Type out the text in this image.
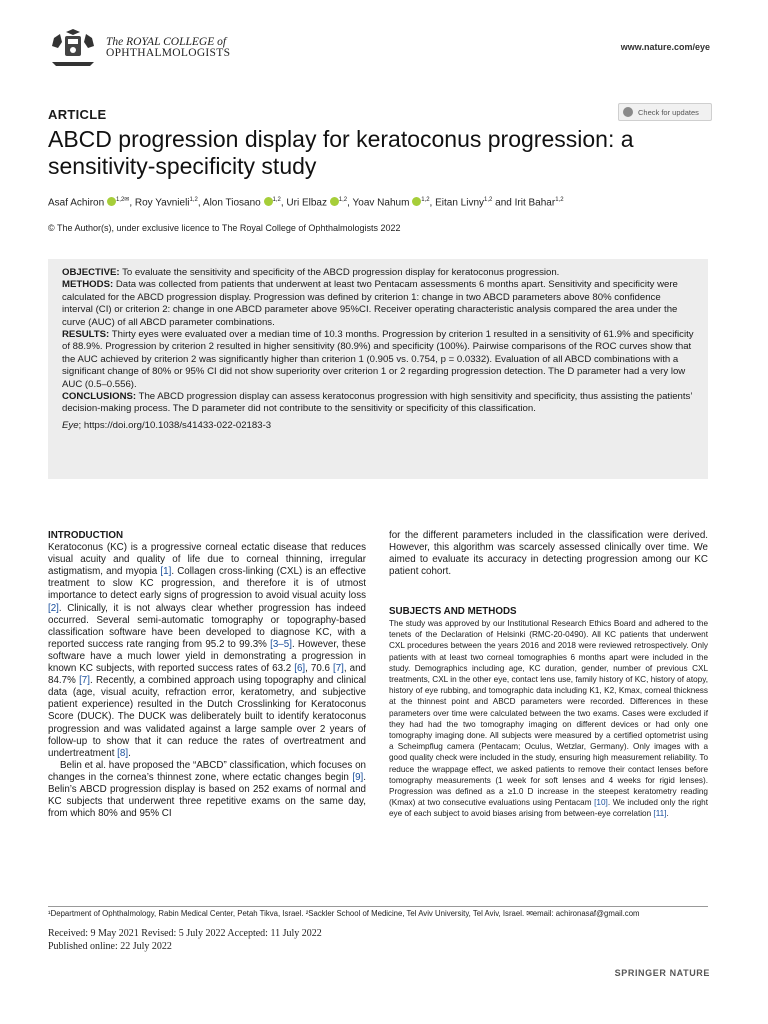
The ROYAL COLLEGE of
OPHTHALMOLOGISTS	www.nature.com/eye
ARTICLE	Check for updates
ABCD progression display for keratoconus progression: a sensitivity-specificity study
Asaf Achiron $^{1,2✉}$, Roy Yavnieli$^{1,2}$, Alon Tiosano $^{1,2}$, Uri Elbaz $^{1,2}$, Yoav Nahum $^{1,2}$, Eitan Livny$^{1,2}$ and Irit Bahar$^{1,2}$
© The Author(s), under exclusive licence to The Royal College of Ophthalmologists 2022

OBJECTIVE: To evaluate the sensitivity and specificity of the ABCD progression display for keratoconus progression.

METHODS: Data was collected from patients that underwent at least two Pentacam assessments 6 months apart. Sensitivity and specificity were calculated for the ABCD progression display. Progression was defined by criterion 1: change in two ABCD parameters above 80% confidence interval (CI) or criterion 2: change in one ABCD parameter above 95%CI. Receiver operating characteristic analysis compared the area under the curve (AUC) of all ABCD parameter combinations.

RESULTS: Thirty eyes were evaluated over a median time of 10.3 months. Progression by criterion 1 resulted in a sensitivity of 61.9% and specificity of 88.9%. Progression by criterion 2 resulted in higher sensitivity (80.9%) and specificity (100%). Pairwise comparisons of the ROC curves show that the AUC achieved by criterion 2 was significantly higher than criterion 1 (0.905 vs. 0.754, p = 0.0332). Evaluation of all ABCD combinations with a significant change of 80% or 95% CI did not show superiority over criterion 1 or 2 regarding progression detection. The D parameter had a very low AUC (0.5–0.556).

CONCLUSIONS: The ABCD progression display can assess keratoconus progression with high sensitivity and specificity, thus assisting the patients’ decision-making process. The D parameter did not contribute to the sensitivity or specificity of this classification.

Eye; https://doi.org/10.1038/s41433-022-02183-3

INTRODUCTION

Keratoconus (KC) is a progressive corneal ectatic disease that reduces visual acuity and quality of life due to corneal thinning, irregular astigmatism, and myopia [1]. Collagen cross-linking (CXL) is an effective treatment to slow KC progression, and therefore it is of utmost importance to detect early signs of progression to avoid visual acuity loss [2]. Clinically, it is not always clear whether progression has indeed occurred. Several semi-automatic tomography or topography-based classification software have been developed to diagnose KC, with a reported success rate ranging from 95.2 to 99.3% [3–5]. However, these software have a much lower yield in demonstrating a progression in known KC subjects, with reported success rates of 63.2 [6], 70.6 [7], and 84.7% [7]. Recently, a combined approach using topography and clinical data (age, visual acuity, refraction error, keratometry, and subjective patient experience) resulted in the Dutch Crosslinking for Keratoconus Score (DUCK). The DUCK was deliberately built to identify keratoconus progression and was validated against a large sample over 2 years of follow-up to show that it can reduce the rates of overtreatment and undertreatment [8].

Belin et al. have proposed the “ABCD” classification, which focuses on changes in the cornea’s thinnest zone, where ectatic changes begin [9]. Belin’s ABCD progression display is based on 252 exams of normal and KC subjects that underwent three repetitive exams on the same day, from which 80% and 95% CI

for the different parameters included in the classification were derived. However, this algorithm was scarcely assessed clinically over time. We aimed to evaluate its accuracy in detecting progression among our KC patient cohort.

SUBJECTS AND METHODS

The study was approved by our Institutional Research Ethics Board and adhered to the tenets of the Declaration of Helsinki (RMC-20-0490). All KC patients that underwent CXL procedures between the years 2016 and 2018 were reviewed retrospectively. Only patients with at least two corneal tomographies 6 months apart were included in the study. Demographics including age, KC duration, gender, number of previous CXL treatments, CXL in the other eye, contact lens use, family history of KC, history of atopy, history of eye rubbing, and tomographic data including K1, K2, Kmax, corneal thickness at the thinnest point and ABCD parameters were recorded. Differences in these parameters over time were calculated between the two exams. Cases were excluded if they had had the two tomography imaging on different devices or had only one tomography imaging done. All subjects were measured by a certified optometrist using a Scheimpflug camera (Pentacam; Oculus, Wetzlar, Germany). Only images with a good quality check were included in the study, ensuring high measurement reliability. To reduce the wrappage effect, we asked patients to remove their contact lenses before tomography measurements (1 week for soft lenses and 4 weeks for rigid lenses). Progression was defined as a ≥1.0 D increase in the steepest keratometry reading (Kmax) at two consecutive evaluations using Pentacam [10]. We included only the right eye of each subject to avoid biases arising from between-eye correlation [11].

¹Department of Ophthalmology, Rabin Medical Center, Petah Tikva, Israel. ²Sackler School of Medicine, Tel Aviv University, Tel Aviv, Israel. ✉email: achironasaf@gmail.com
Received: 9 May 2021 Revised: 5 July 2022 Accepted: 11 July 2022
Published online: 22 July 2022
SPRINGER NATURE
